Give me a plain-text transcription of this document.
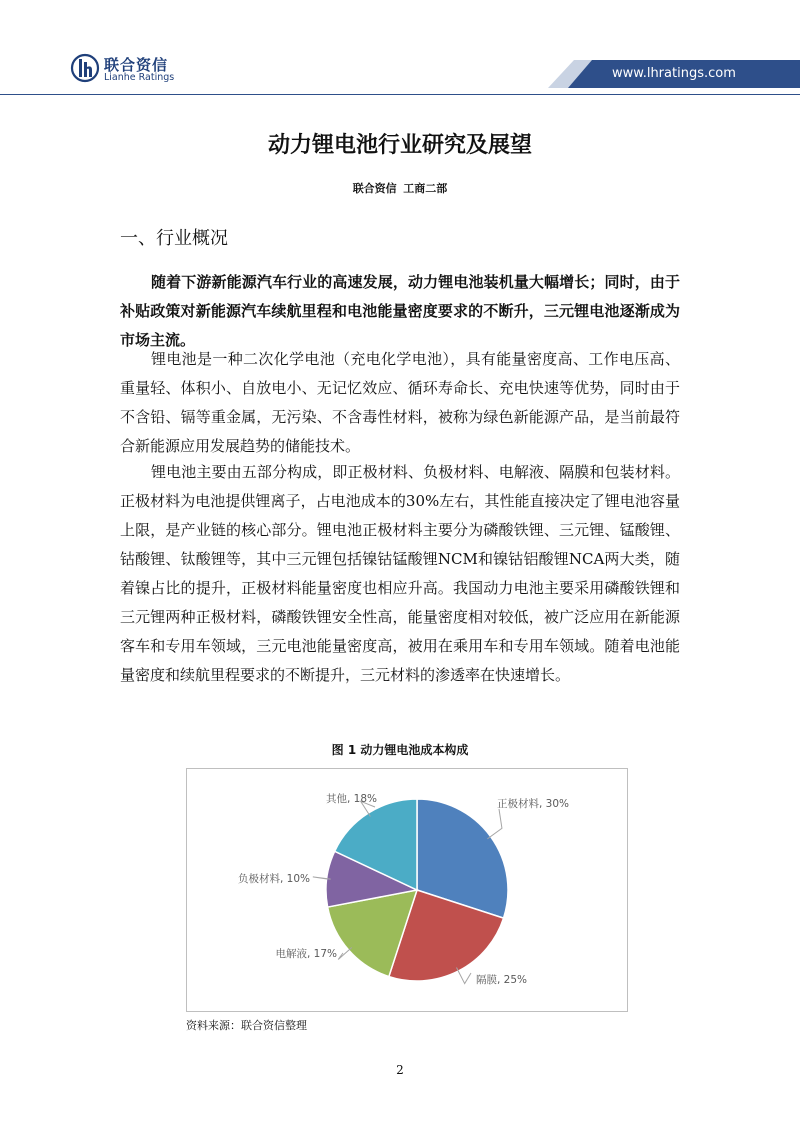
联合资信
Lianhe Ratings	www.lhratings.com
动力锂电池行业研究及展望
联合资信 工商二部
一、行业概况

随着下游新能源汽车行业的高速发展，动力锂电池装机量大幅增长；同时，由于补贴政策对新能源汽车续航里程和电池能量密度要求的不断升，三元锂电池逐渐成为市场主流。

锂电池是一种二次化学电池（充电化学电池），具有能量密度高、工作电压高、重量轻、体积小、自放电小、无记忆效应、循环寿命长、充电快速等优势，同时由于不含铅、镉等重金属，无污染、不含毒性材料，被称为绿色新能源产品，是当前最符合新能源应用发展趋势的储能技术。

锂电池主要由五部分构成，即正极材料、负极材料、电解液、隔膜和包装材料。正极材料为电池提供锂离子，占电池成本的30%左右，其性能直接决定了锂电池容量上限，是产业链的核心部分。锂电池正极材料主要分为磷酸铁锂、三元锂、锰酸锂、钴酸锂、钛酸锂等，其中三元锂包括镍钴锰酸锂NCM和镍钴铝酸锂NCA两大类，随着镍占比的提升，正极材料能量密度也相应升高。我国动力电池主要采用磷酸铁锂和三元锂两种正极材料，磷酸铁锂安全性高，能量密度相对较低，被广泛应用在新能源客车和专用车领域，三元电池能量密度高，被用在乘用车和专用车领域。随着电池能量密度和续航里程要求的不断提升，三元材料的渗透率在快速增长。

图 1 动力锂电池成本构成
正极材料, 30%
隔膜, 25%
电解液, 17%
负极材料, 10%
其他, 18%
资料来源：联合资信整理
2
